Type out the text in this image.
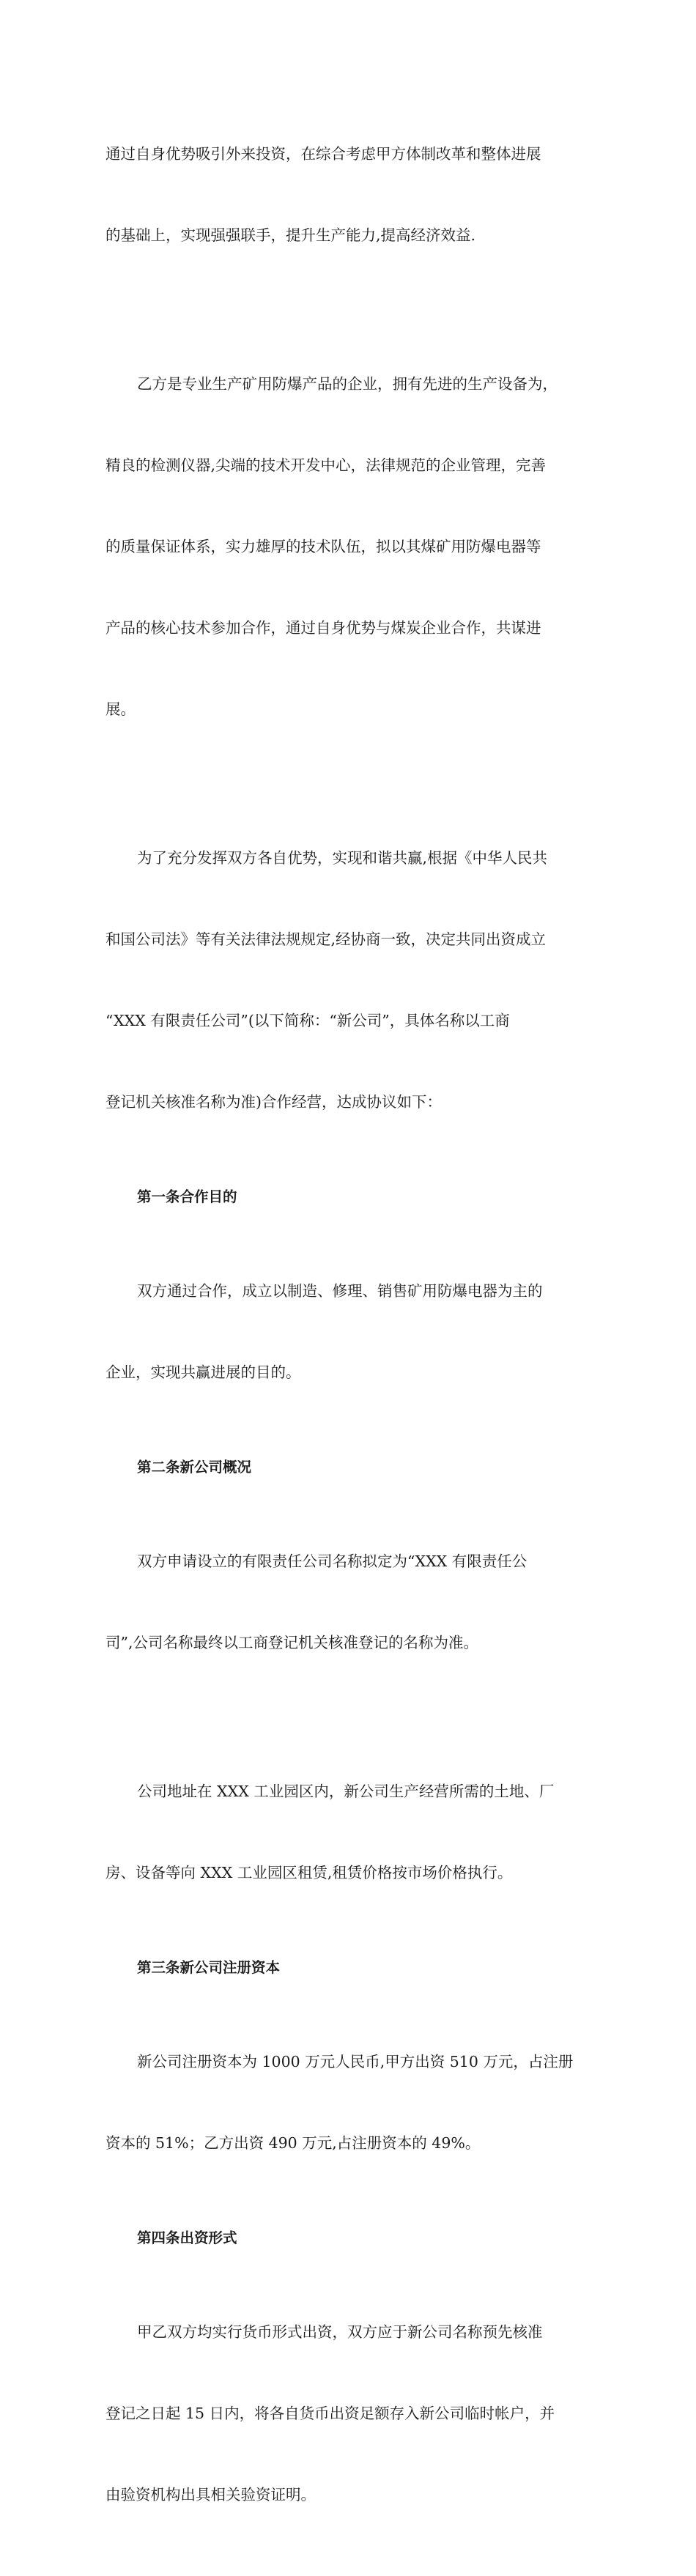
通过自身优势吸引外来投资，在综合考虑甲方体制改革和整体进展

的基础上，实现强强联手，提升生产能力,提高经济效益.

乙方是专业生产矿用防爆产品的企业，拥有先进的生产设备为，

精良的检测仪器,尖端的技术开发中心，法律规范的企业管理，完善

的质量保证体系，实力雄厚的技术队伍，拟以其煤矿用防爆电器等

产品的核心技术参加合作，通过自身优势与煤炭企业合作，共谋进

展。

为了充分发挥双方各自优势，实现和谐共赢,根据《中华人民共

和国公司法》等有关法律法规规定,经协商一致，决定共同出资成立

“XXX 有限责任公司”(以下简称：“新公司”，具体名称以工商

登记机关核准名称为准)合作经营，达成协议如下：

第一条合作目的

双方通过合作，成立以制造、修理、销售矿用防爆电器为主的

企业，实现共赢进展的目的。

第二条新公司概况

双方申请设立的有限责任公司名称拟定为“XXX 有限责任公

司”,公司名称最终以工商登记机关核准登记的名称为准。

公司地址在 XXX 工业园区内，新公司生产经营所需的土地、厂

房、设备等向 XXX 工业园区租赁,租赁价格按市场价格执行。

第三条新公司注册资本

新公司注册资本为 1000 万元人民币,甲方出资 510 万元，占注册

资本的 51%；乙方出资 490 万元,占注册资本的 49%。

第四条出资形式

甲乙双方均实行货币形式出资，双方应于新公司名称预先核准

登记之日起 15 日内，将各自货币出资足额存入新公司临时帐户，并

由验资机构出具相关验资证明。
